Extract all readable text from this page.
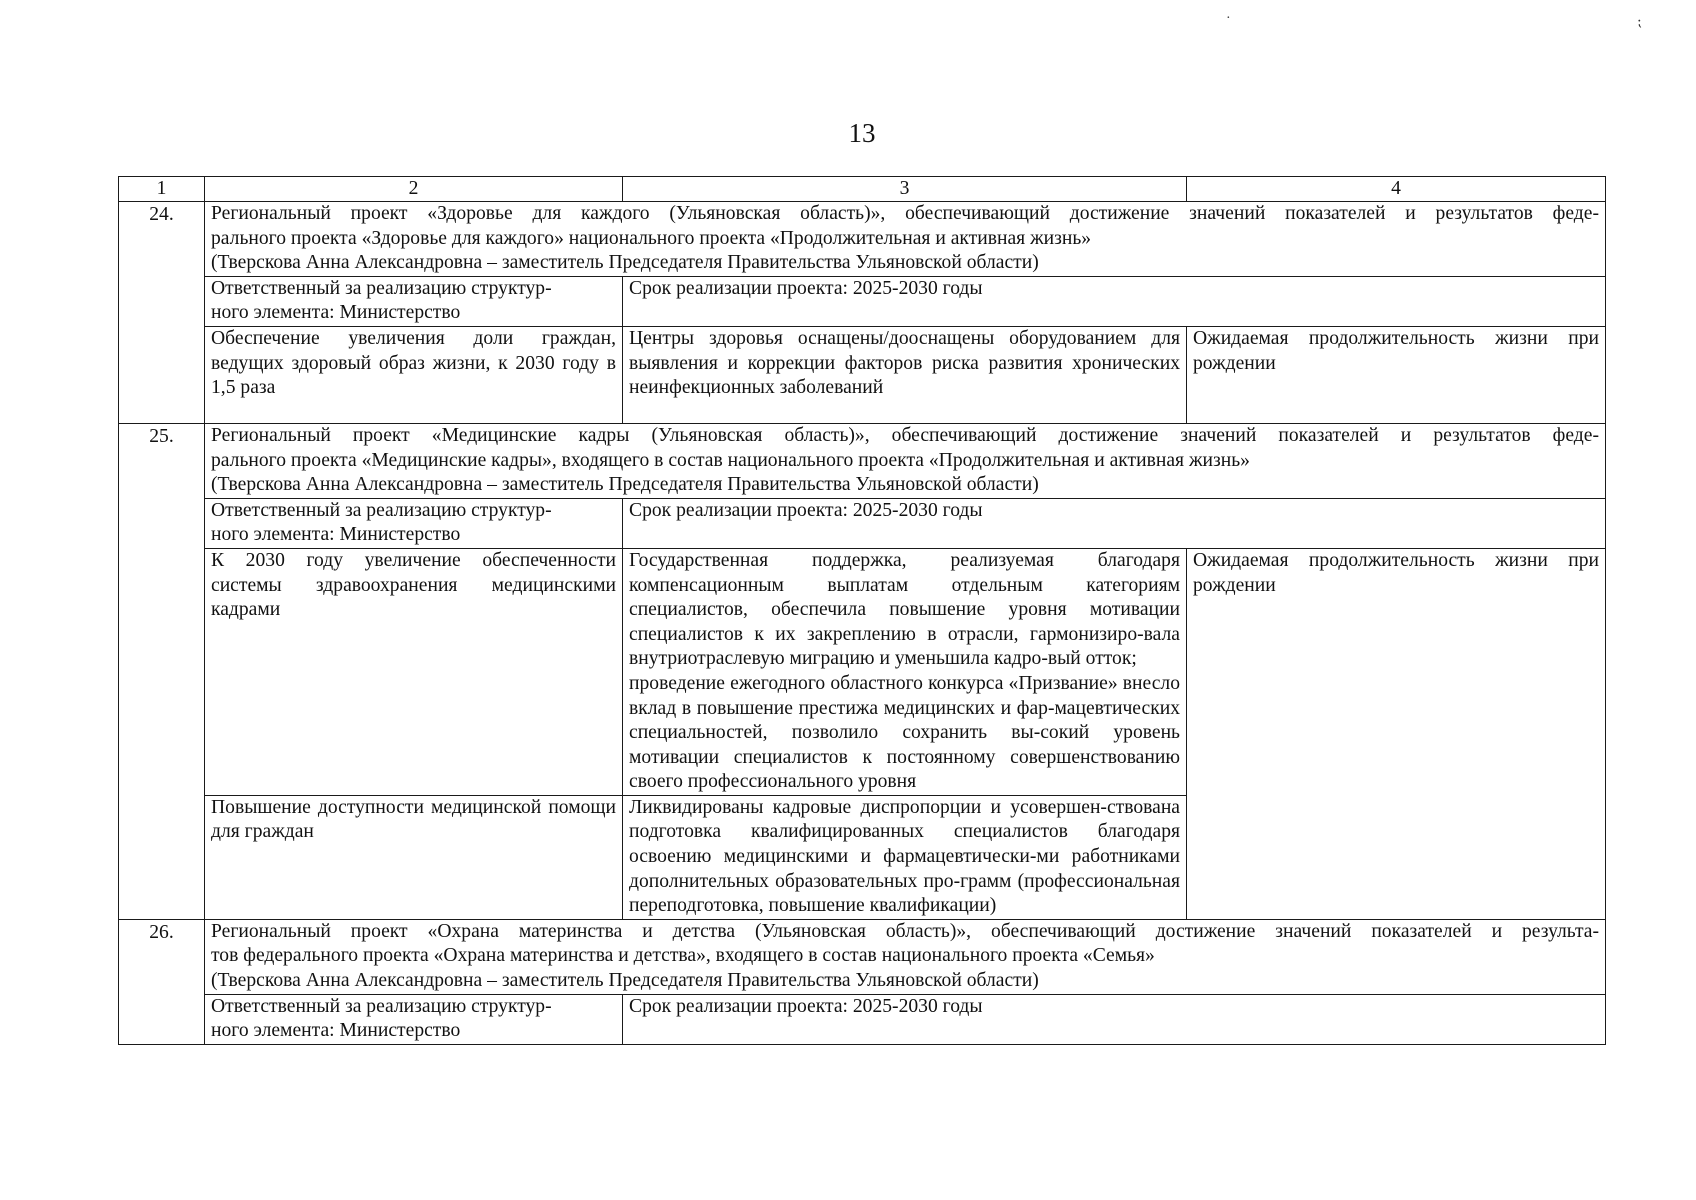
13
·	⁏
1	2	3	4
24.	Региональный проект «Здоровье для каждого (Ульяновская область)», обеспечивающий достижение значений показателей и результатов феде-
рального проекта «Здоровье для каждого» национального проекта «Продолжительная и активная жизнь»
(Тверскова Анна Александровна – заместитель Председателя Правительства Ульяновской области)		

	Ответственный за реализацию структур-
ного элемента: Министерство	Срок реализации проекта: 2025-2030 годы	
	Обеспечение увеличения доли граждан, ведущих здоровый образ жизни, к 2030 году в 1,5 раза	Центры здоровья оснащены/дооснащены оборудованием для выявления и коррекции факторов риска развития хронических неинфекционных заболеваний	Ожидаемая продолжительность жизни при рождении
25.	Региональный проект «Медицинские кадры (Ульяновская область)», обеспечивающий достижение значений показателей и результатов феде-
рального проекта «Медицинские кадры», входящего в состав национального проекта «Продолжительная и активная жизнь»
(Тверскова Анна Александровна – заместитель Председателя Правительства Ульяновской области)		

	Ответственный за реализацию структур-
ного элемента: Министерство	Срок реализации проекта: 2025-2030 годы	
	К 2030 году увеличение обеспеченности системы здравоохранения медицинскими кадрами	Государственная поддержка, реализуемая благодаря компенсационным выплатам отдельным категориям специалистов, обеспечила повышение уровня мотивации специалистов к их закреплению в отрасли, гармонизиро-вала внутриотраслевую миграцию и уменьшила кадро-вый отток;
проведение ежегодного областного конкурса «Призвание» внесло вклад в повышение престижа медицинских и фар-мацевтических специальностей, позволило сохранить вы-сокий уровень мотивации специалистов к постоянному совершенствованию своего профессионального уровня	Ожидаемая продолжительность жизни при рождении
	Повышение доступности медицинской помощи для граждан	Ликвидированы кадровые диспропорции и усовершен-ствована подготовка квалифицированных специалистов благодаря освоению медицинскими и фармацевтически-ми работниками дополнительных образовательных про-грамм (профессиональная переподготовка, повышение квалификации)	
26.	Региональный проект «Охрана материнства и детства (Ульяновская область)», обеспечивающий достижение значений показателей и результа-
тов федерального проекта «Охрана материнства и детства», входящего в состав национального проекта «Семья»
(Тверскова Анна Александровна – заместитель Председателя Правительства Ульяновской области)		

	Ответственный за реализацию структур-
ного элемента: Министерство	Срок реализации проекта: 2025-2030 годы	
